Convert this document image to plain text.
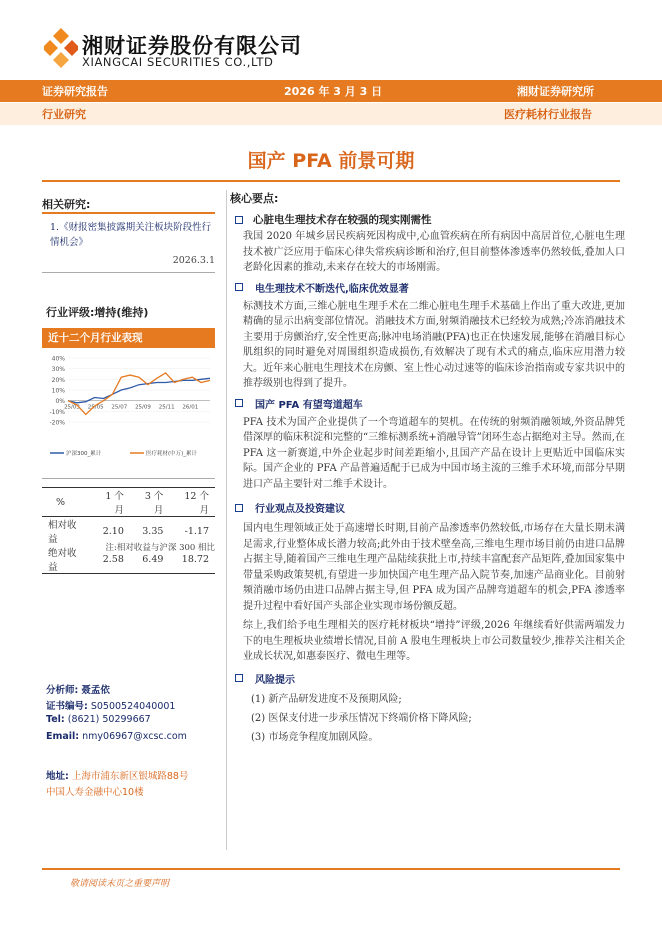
湘财证券股份有限公司
XIANGCAI SECURITIES CO.,LTD
证券研究报告	2026 年 3 月 3 日	湘财证券研究所
行业研究	医疗耗材行业报告
国产 PFA 前景可期
相关研究:
1.《财报密集披露期关注板块阶段性行情机会》
2026.3.1
行业评级:增持(维持)
近十二个月行业表现
40%
30%
20%
10%
0%
-10%
-20%
25/03 25/05 25/07 25/09 25/11 26/01
沪深300_累计	医疗耗材(中万)_累计
%	1 个月	3 个月	12 个月
相对收益	2.10	3.35	-1.17
绝对收益	2.58	6.49	18.72
注:相对收益与沪深 300 相比
分析师: 聂孟依
证书编号: S0500524040001
Tel: (8621) 50299667
Email: nmy06967@xcsc.com
地址: 上海市浦东新区银城路88号
中国人寿金融中心10楼
核心要点:
心脏电生理技术存在较强的现实刚需性
我国 2020 年城乡居民疾病死因构成中,心血管疾病在所有病因中高居首位,心脏电生理技术被广泛应用于临床心律失常疾病诊断和治疗,但目前整体渗透率仍然较低,叠加人口老龄化因素的推动,未来存在较大的市场刚需。
电生理技术不断迭代,临床优效显著
标测技术方面,三维心脏电生理手术在二维心脏电生理手术基础上作出了重大改进,更加精确的显示出病变部位情况。消融技术方面,射频消融技术已经较为成熟;冷冻消融技术主要用于房颤治疗,安全性更高;脉冲电场消融(PFA)也正在快速发展,能够在消融目标心肌组织的同时避免对周围组织造成损伤,有效解决了现有术式的痛点,临床应用潜力较大。近年来心脏电生理技术在房颤、室上性心动过速等的临床诊治指南或专家共识中的推荐级别也得到了提升。
国产 PFA 有望弯道超车
PFA 技术为国产企业提供了一个弯道超车的契机。在传统的射频消融领域,外资品牌凭借深厚的临床积淀和完整的“三维标测系统+消融导管”闭环生态占据绝对主导。然而,在 PFA 这一新赛道,中外企业起步时间差距缩小,且国产产品在设计上更贴近中国临床实际。国产企业的 PFA 产品普遍适配于已成为中国市场主流的三维手术环境,而部分早期进口产品主要针对二维手术设计。
行业观点及投资建议
国内电生理领域正处于高速增长时期,目前产品渗透率仍然较低,市场存在大量长期未满足需求,行业整体成长潜力较高;此外由于技术壁垒高,三维电生理市场目前仍由进口品牌占据主导,随着国产三维电生理产品陆续获批上市,持续丰富配套产品矩阵,叠加国家集中带量采购政策契机,有望进一步加快国产电生理产品入院节奏,加速产品商业化。目前射频消融市场仍由进口品牌占据主导,但 PFA 成为国产品牌弯道超车的机会,PFA 渗透率提升过程中看好国产头部企业实现市场份额反超。
综上,我们给予电生理相关的医疗耗材板块“增持”评级,2026 年继续看好供需两端发力下的电生理板块业绩增长情况,目前 A 股电生理板块上市公司数量较少,推荐关注相关企业成长状况,如惠泰医疗、微电生理等。
风险提示
(1) 新产品研发进度不及预期风险;
(2) 医保支付进一步承压情况下终端价格下降风险;
(3) 市场竞争程度加剧风险。
敬请阅读末页之重要声明
